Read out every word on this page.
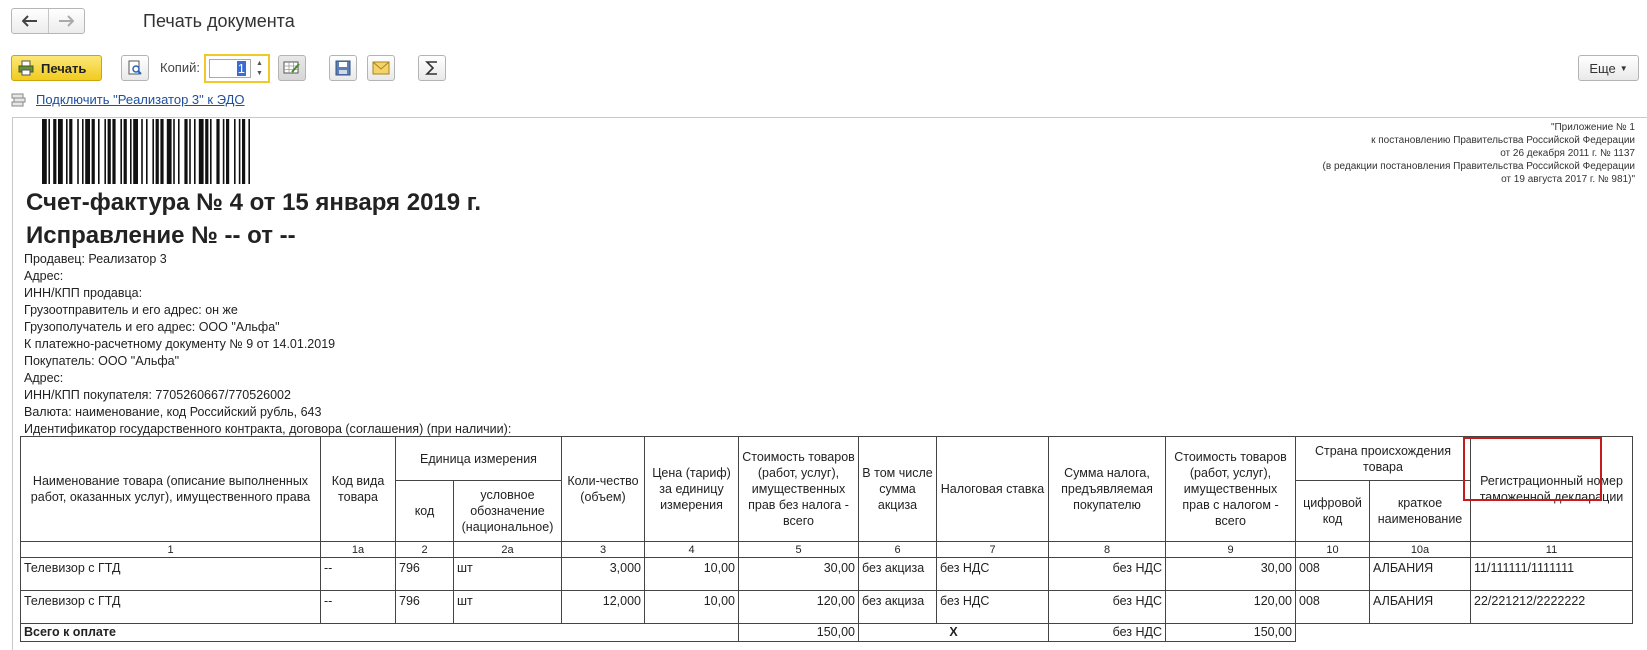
Печать документа
Печать	Копий:	1	▲
▼	Еще ▼
Подключить "Реализатор 3" к ЭДО
"Приложение № 1
к постановлению Правительства Российской Федерации
от 26 декабря 2011 г. № 1137
(в редакции постановления Правительства Российской Федерации
от 19 августа 2017 г. № 981)"
Счет-фактура № 4 от 15 января 2019 г.
Исправление № -- от --
Продавец: Реализатор 3
Адрес:
ИНН/КПП продавца:
Грузоотправитель и его адрес: он же
Грузополучатель и его адрес: ООО "Альфа"
К платежно-расчетному документу № 9 от 14.01.2019
Покупатель: ООО "Альфа"
Адрес:
ИНН/КПП покупателя: 7705260667/770526002
Валюта: наименование, код Российский рубль, 643
Идентификатор государственного контракта, договора (соглашения) (при наличии):
Наименование товара (описание выполненных работ, оказанных услуг), имущественного права	Код вида товара	Единица измерения		Коли-чество (объем)	Цена (тариф) за единицу измерения	Стоимость товаров (работ, услуг), имущественных прав без налога - всего	В том числе сумма акциза	Налоговая ставка	Сумма налога, предъявляемая покупателю	Стоимость товаров (работ, услуг), имущественных прав с налогом - всего	Страна происхождения товара		Регистрационный номер таможенной декларации
		код	условное обозначение (национальное)								цифровой код	краткое наименование	
1	1а	2	2а	3	4	5	6	7	8	9	10	10а	11
Телевизор с ГТД	--	796	шт	3,000	10,00	30,00	без акциза	без НДС	без НДС	30,00	008	АЛБАНИЯ	11/111111/1111111
Телевизор с ГТД	--	796	шт	12,000	10,00	120,00	без акциза	без НДС	без НДС	120,00	008	АЛБАНИЯ	22/221212/2222222
Всего к оплате						150,00	X		без НДС	150,00			
